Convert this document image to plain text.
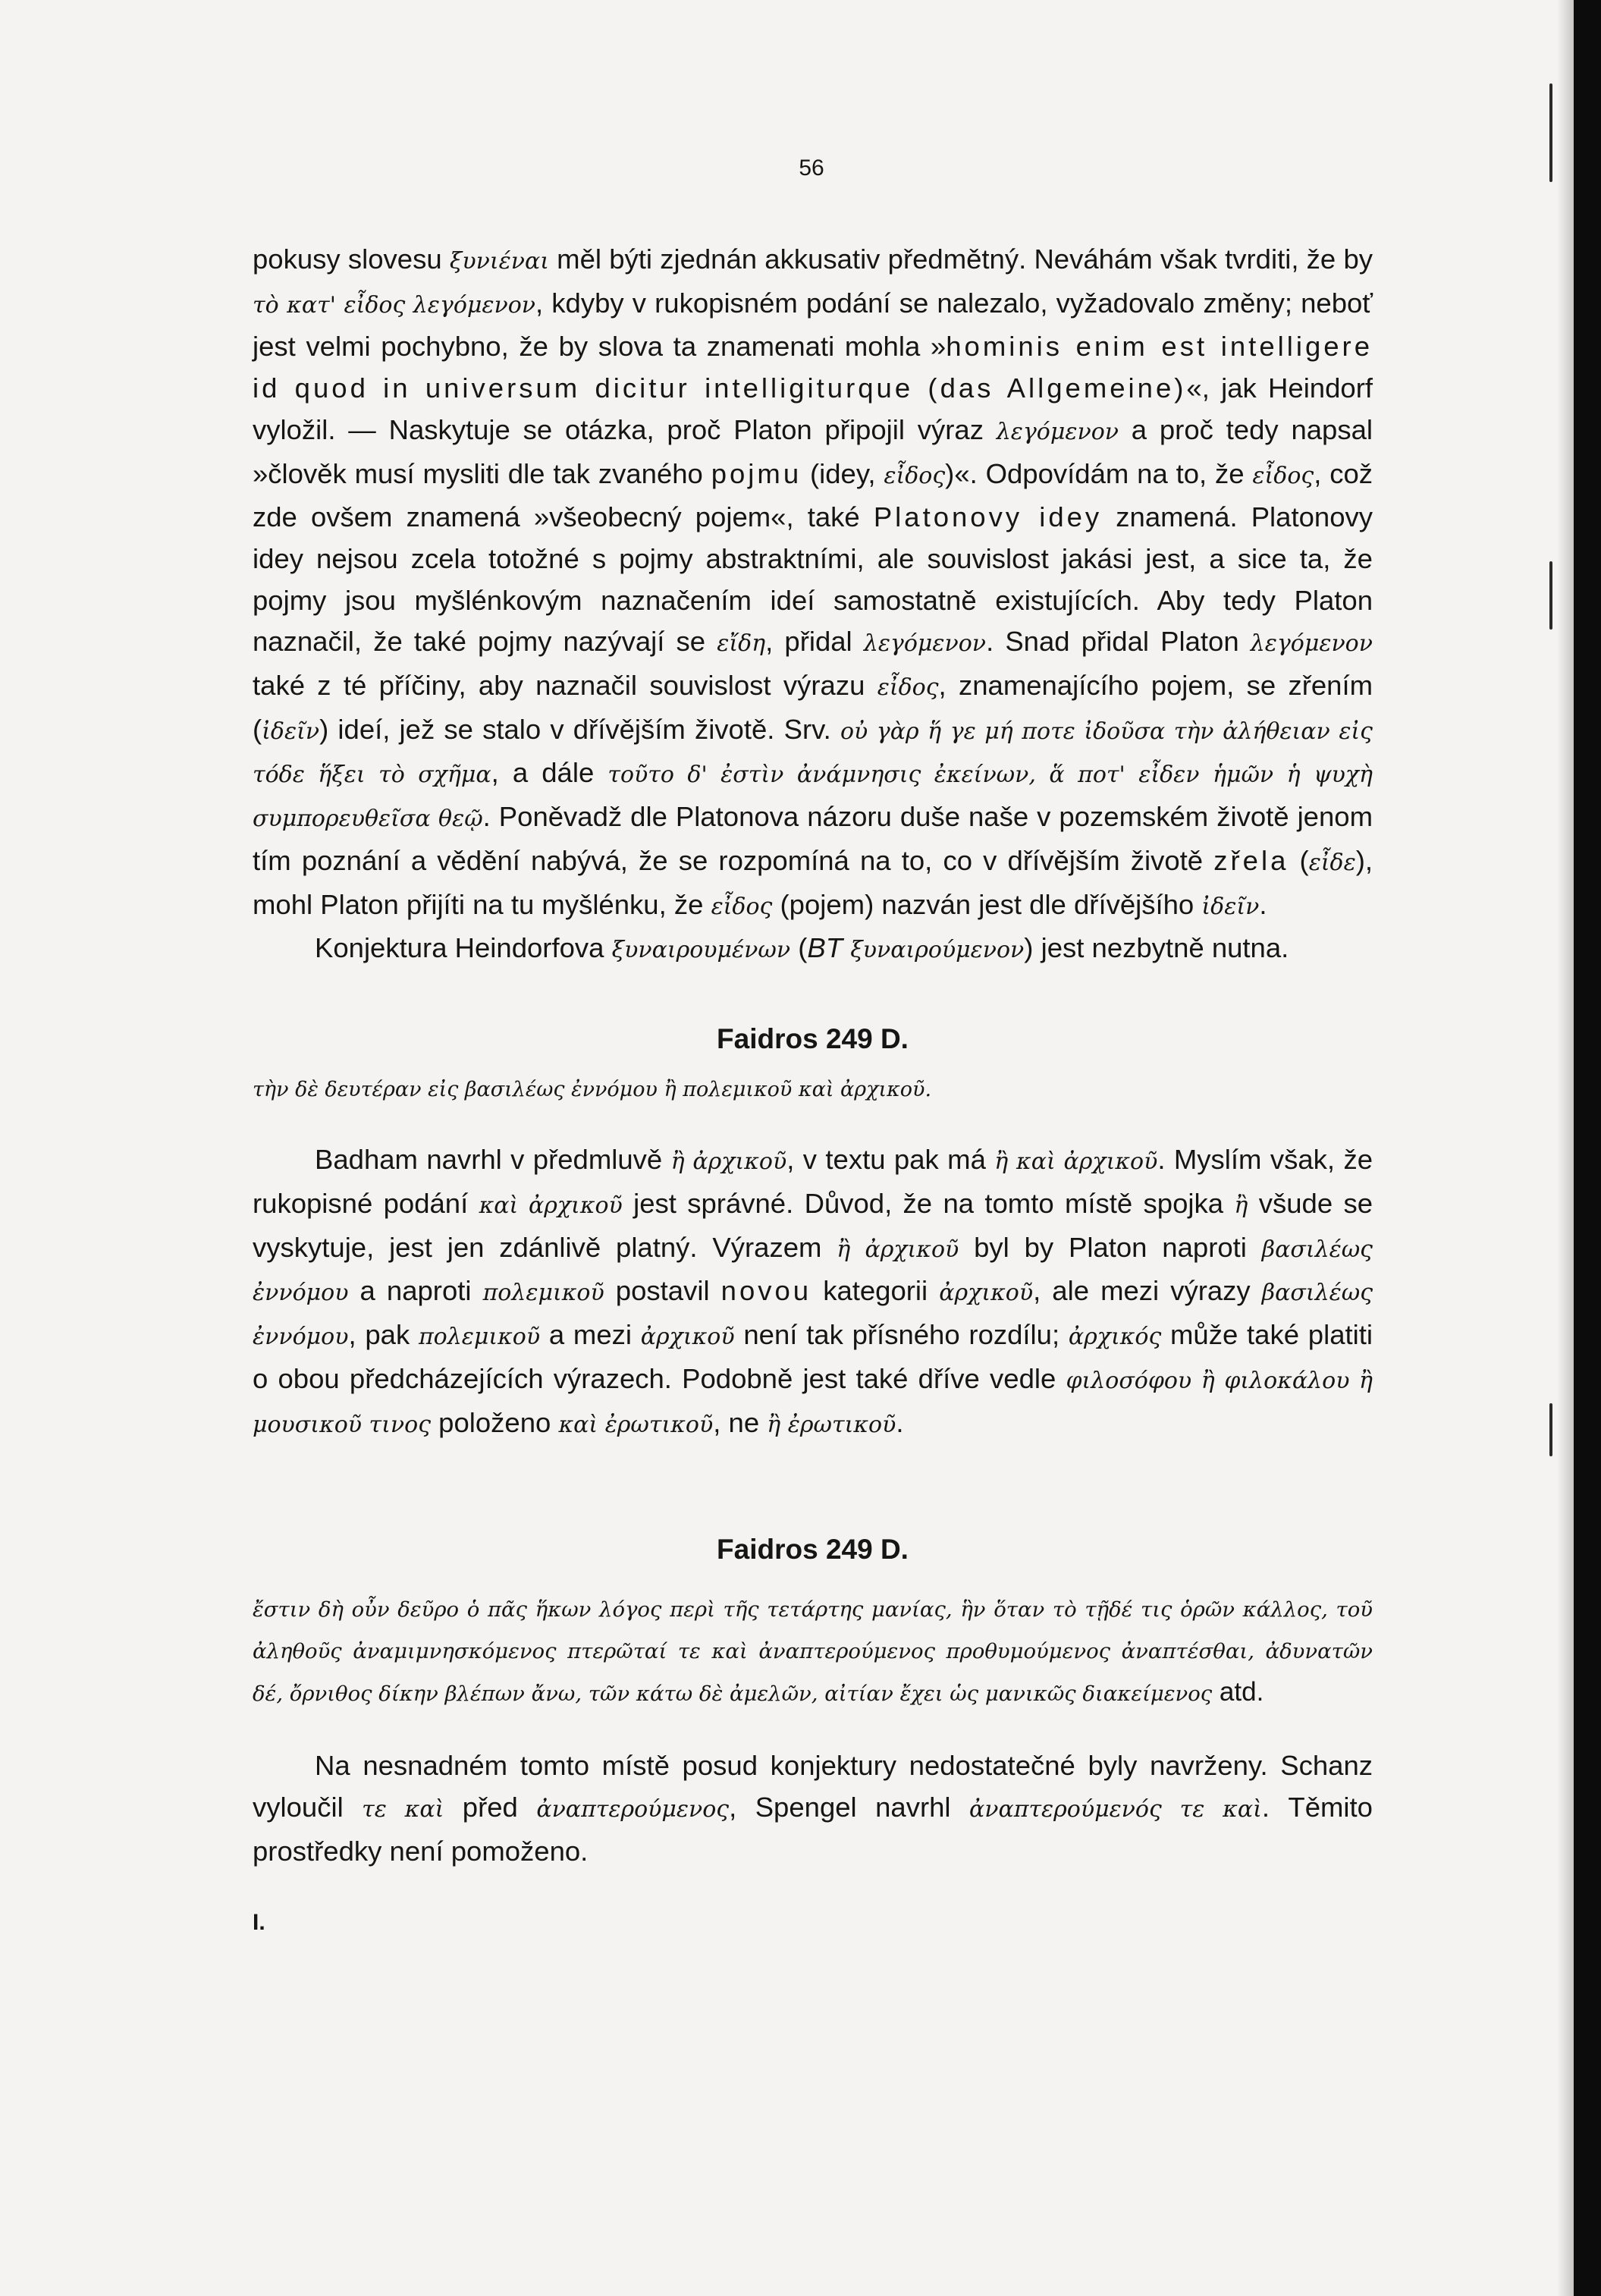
56

pokusy slovesu ξυνιέναι měl býti zjednán akkusativ předmětný. Neváhám však tvrditi, že by τὸ κατ' εἶδος λεγόμενον, kdyby v rukopisném podání se nalezalo, vyžadovalo změny; neboť jest velmi pochybno, že by slova ta znamenati mohla »hominis enim est intelligere id quod in universum dicitur intelligiturque (das Allgemeine)«, jak Heindorf vyložil. — Naskytuje se otázka, proč Platon připojil výraz λεγόμενον a proč tedy napsal »člověk musí mysliti dle tak zvaného pojmu (idey, εἶδος)«. Odpovídám na to, že εἶδος, což zde ovšem znamená »všeobecný pojem«, také Platonovy idey znamená. Platonovy idey nejsou zcela totožné s pojmy abstraktními, ale souvislost jakási jest, a sice ta, že pojmy jsou myšlénkovým naznačením ideí samostatně existujících. Aby tedy Platon naznačil, že také pojmy nazývají se εἴδη, přidal λεγόμενον. Snad přidal Platon λεγόμενον také z té příčiny, aby naznačil souvislost výrazu εἶδος, znamenajícího pojem, se zřením (ἰδεῖν) ideí, jež se stalo v dřívějším životě. Srv. οὐ γὰρ ἥ γε μή ποτε ἰδοῦσα τὴν ἀλήθειαν εἰς τόδε ἥξει τὸ σχῆμα, a dále τοῦτο δ' ἐστὶν ἀνάμνησις ἐκείνων, ἅ ποτ' εἶδεν ἡμῶν ἡ ψυχὴ συμπορευθεῖσα θεῷ. Poněvadž dle Platonova názoru duše naše v pozemském životě jenom tím poznání a vědění nabývá, že se rozpomíná na to, co v dřívějším životě zřela (εἶδε), mohl Platon přijíti na tu myšlénku, že εἶδος (pojem) nazván jest dle dřívějšího ἰδεῖν.

Konjektura Heindorfova ξυναιρουμένων (BT ξυναιρούμενον) jest nezbytně nutna.

Faidros 249 D.

τὴν δὲ δευτέραν εἰς βασιλέως ἐννόμου ἢ πολεμικοῦ καὶ ἀρχικοῦ.

Badham navrhl v předmluvě ἢ ἀρχικοῦ, v textu pak má ἢ καὶ ἀρχικοῦ. Myslím však, že rukopisné podání καὶ ἀρχικοῦ jest správné. Důvod, že na tomto místě spojka ἢ všude se vyskytuje, jest jen zdánlivě platný. Výrazem ἢ ἀρχικοῦ byl by Platon naproti βασιλέως ἐννόμου a naproti πολεμικοῦ postavil novou kategorii ἀρχικοῦ, ale mezi výrazy βασιλέως ἐννόμου, pak πολεμικοῦ a mezi ἀρχικοῦ není tak přísného rozdílu; ἀρχικός může také platiti o obou předcházejících výrazech. Podobně jest také dříve vedle φιλοσόφου ἢ φιλοκάλου ἢ μουσικοῦ τινος položeno καὶ ἐρωτικοῦ, ne ἢ ἐρωτικοῦ.

Faidros 249 D.

ἔστιν δὴ οὖν δεῦρο ὁ πᾶς ἥκων λόγος περὶ τῆς τετάρτης μανίας, ἣν ὅταν τὸ τῇδέ τις ὁρῶν κάλλος, τοῦ ἀληθοῦς ἀναμιμνησκόμενος πτερῶταί τε καὶ ἀναπτερούμενος προθυμούμενος ἀναπτέσθαι, ἀδυνατῶν δέ, ὄρνιθος δίκην βλέπων ἄνω, τῶν κάτω δὲ ἀμελῶν, αἰτίαν ἔχει ὡς μανικῶς διακείμενος atd.

Na nesnadném tomto místě posud konjektury nedostatečné byly navrženy. Schanz vyloučil τε καὶ před ἀναπτερούμενος, Spengel navrhl ἀναπτερούμενός τε καὶ. Těmito prostředky není pomoženo.

I.
